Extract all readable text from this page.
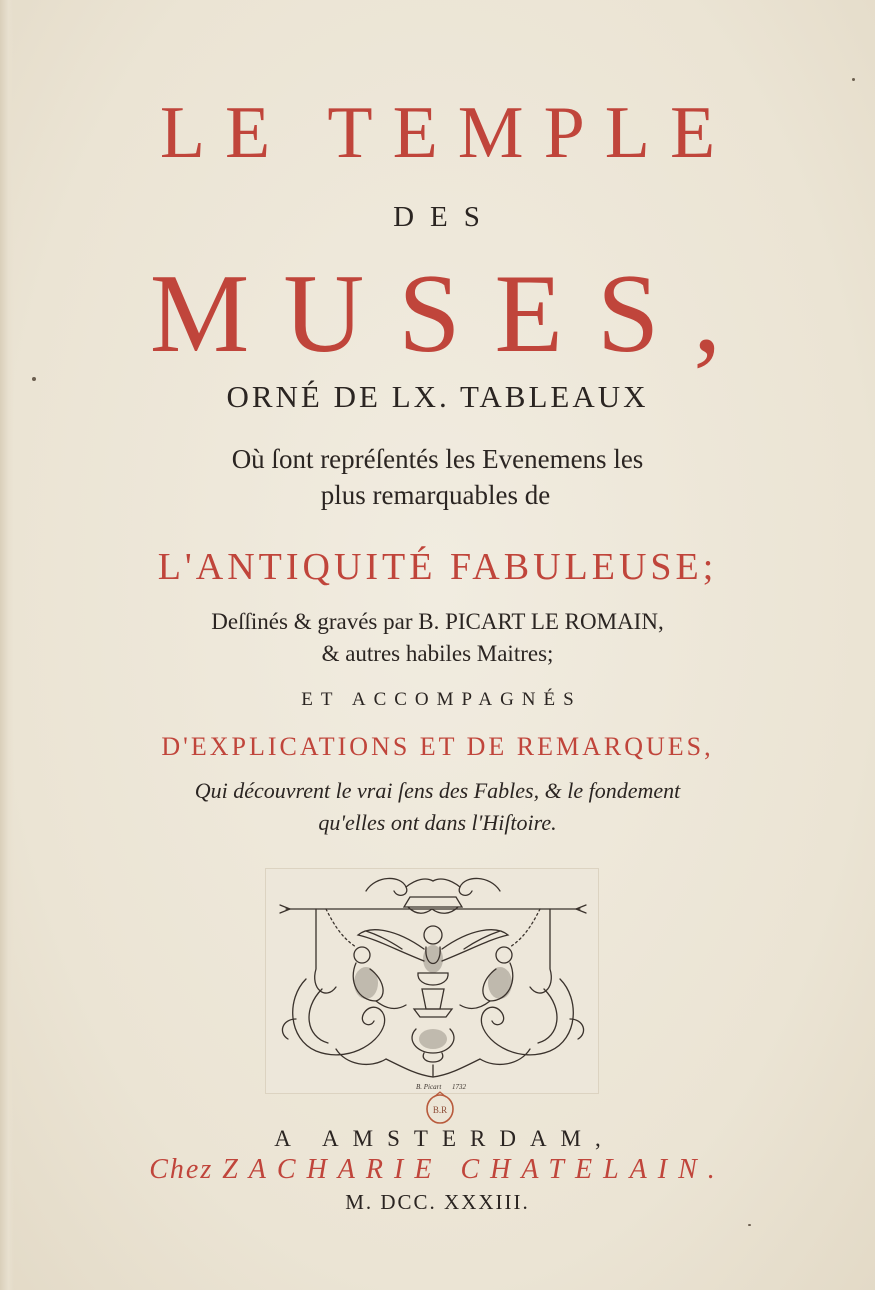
LE TEMPLE

DES

MUSES,

ORNÉ DE LX. TABLEAUX

Où ſont repréſentés les Evenemens les

plus remarquables de

L'ANTIQUITÉ FABULEUSE;

Deſſinés & gravés par B. PICART LE ROMAIN,

& autres habiles Maitres;

ET ACCOMPAGNÉS

D'EXPLICATIONS ET DE REMARQUES,

Qui découvrent le vrai ſens des Fables, & le fondement

qu'elles ont dans l'Hiſtoire.

B. Picart 1732
B.R

A AMSTERDAM,

Chez ZACHARIE CHATELAIN.

M. DCC. XXXIII.
